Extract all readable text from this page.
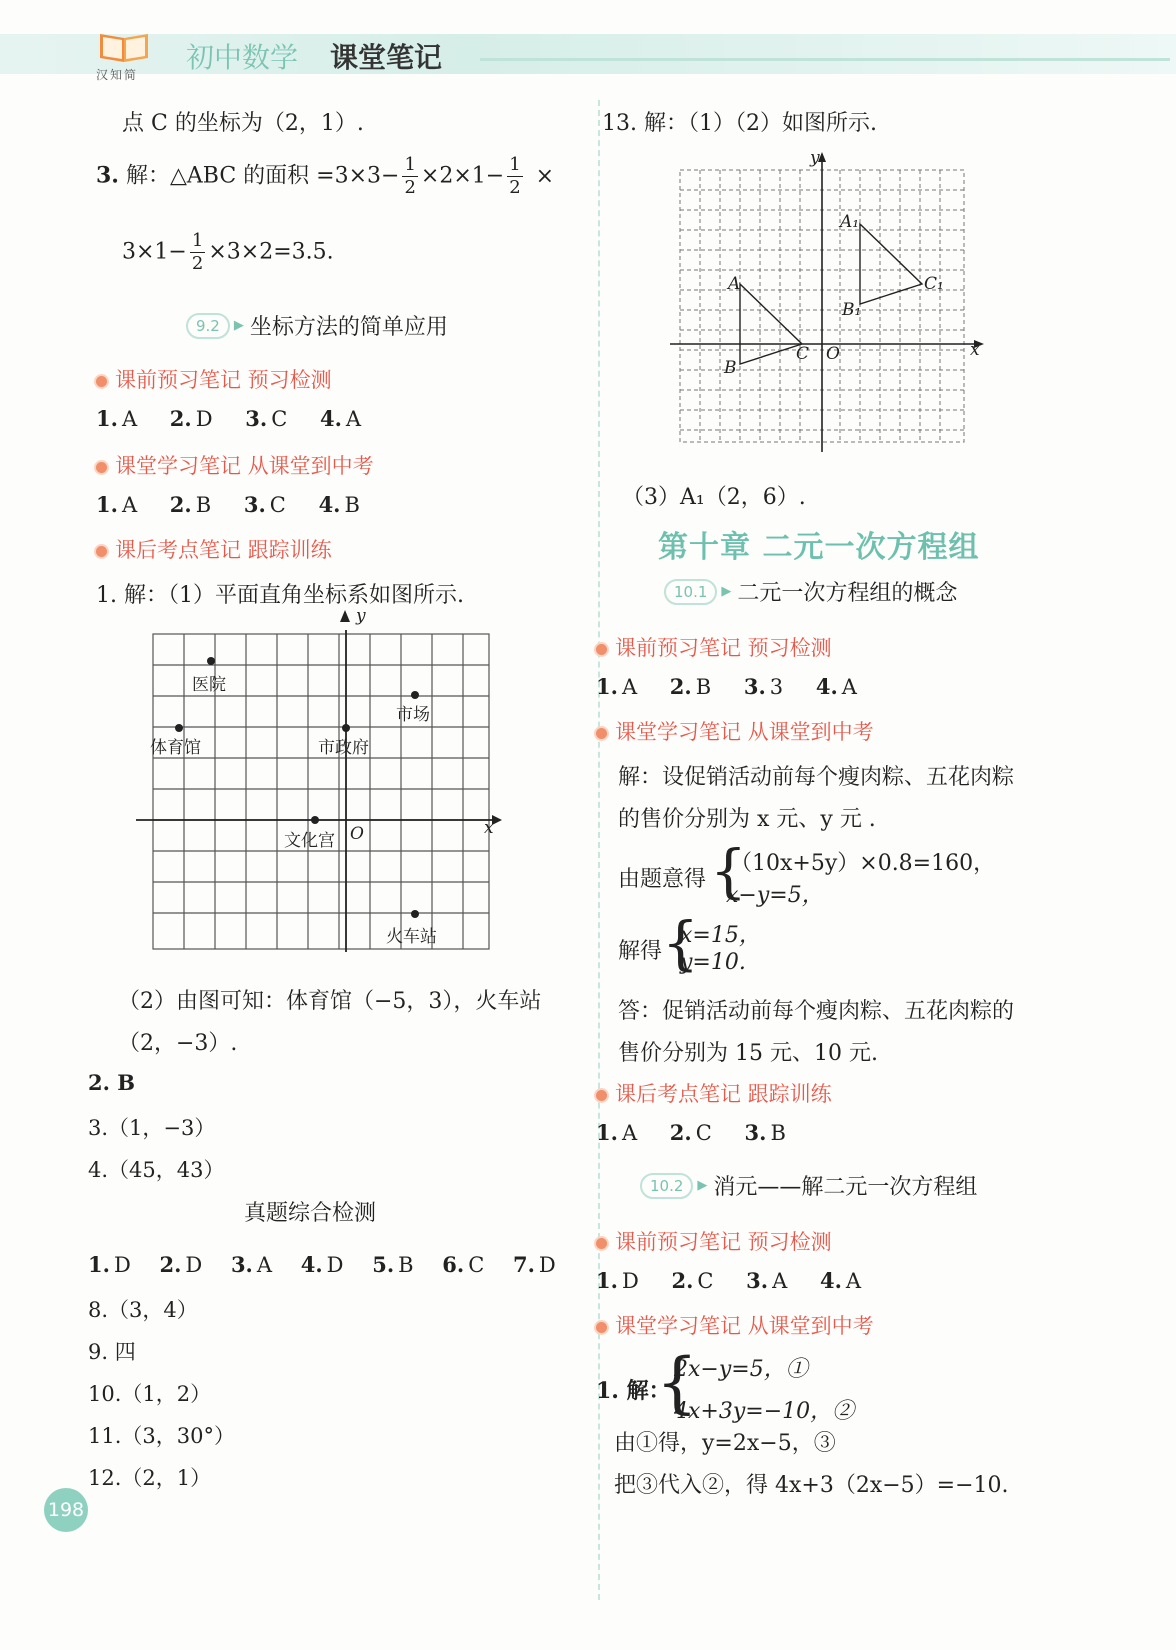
汉知简
初中数学 课堂笔记
点 C 的坐标为（2，1）.
3. 解：△ABC 的面积 $=3\times 3- \frac{1}{2} \times 2\times 1- \frac{1}{2}$ ×
$3\times 1- \frac{1}{2} \times 3\times 2=3.5$.
9.2 ▶ 坐标方法的简单应用
课前预习笔记 预习检测
1. A 2. D 3. C 4. A
课堂学习笔记 从课堂到中考
1. A 2. B 3. C 4. B
课后考点笔记 跟踪训练
1. 解：（1）平面直角坐标系如图所示.
y
x
O
医院
市场
体育馆	市政府
文化宫
火车站
（2）由图可知：体育馆（−5，3），火车站
（2，−3）.
2. B
3.（1，−3）
4.（45，43）
真题综合检测
1. D 2. D 3. A 4. D 5. B 6. C 7. D
8.（3，4）
9. 四
10.（1，2）
11.（3，30°）
12.（2，1）
198
13. 解：（1）（2）如图所示.
y
x
O
A
B
C
A₁
B₁
C₁
（3）A₁（2，6）.
第十章 二元一次方程组
10.1 ▶ 二元一次方程组的概念
课前预习笔记 预习检测
1. A 2. B 3. 3 4. A
课堂学习笔记 从课堂到中考
解：设促销活动前每个瘦肉粽、五花肉粽
的售价分别为 x 元、y 元 .
由题意得 {
（10x+5y）×0.8=160，
x−y=5，
解得 {
x=15，
y=10.
答：促销活动前每个瘦肉粽、五花肉粽的
售价分别为 15 元、10 元.
课后考点笔记 跟踪训练
1. A 2. C 3. B
10.2 ▶ 消元——解二元一次方程组
课前预习笔记 预习检测
1. D 2. C 3. A 4. A
课堂学习笔记 从课堂到中考
1. 解：
{
2x−y=5，①
4x+3y=−10，②
由①得，y=2x−5，③
把③代入②，得 4x+3（2x−5）=−10.
